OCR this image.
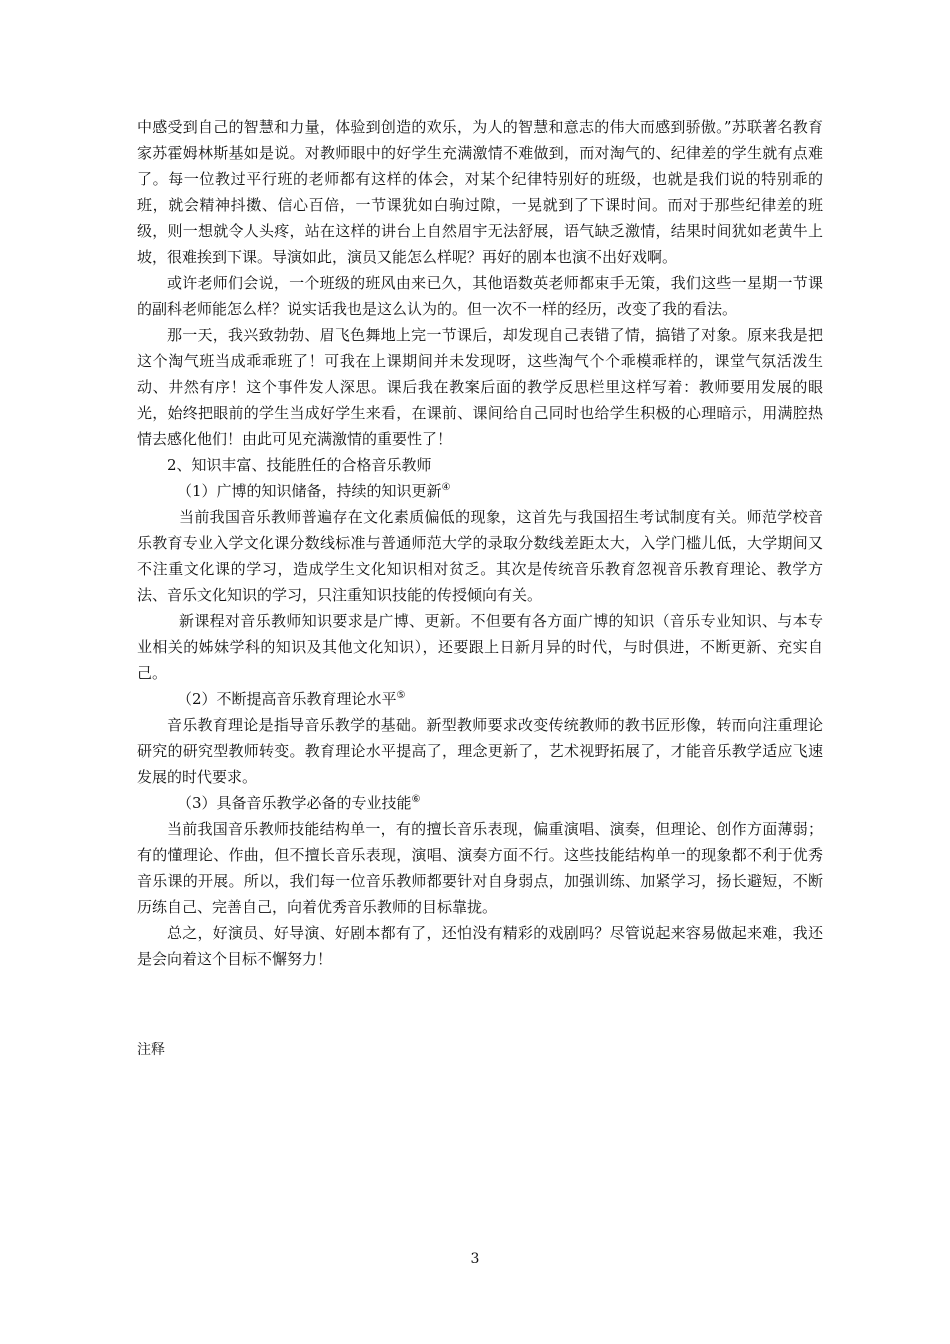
中感受到自己的智慧和力量，体验到创造的欢乐，为人的智慧和意志的伟大而感到骄傲。”苏联著名教育家苏霍姆林斯基如是说。对教师眼中的好学生充满激情不难做到，而对淘气的、纪律差的学生就有点难了。每一位教过平行班的老师都有这样的体会，对某个纪律特别好的班级，也就是我们说的特别乖的班，就会精神抖擞、信心百倍，一节课犹如白驹过隙，一晃就到了下课时间。而对于那些纪律差的班级，则一想就令人头疼，站在这样的讲台上自然眉宇无法舒展，语气缺乏激情，结果时间犹如老黄牛上坡，很难挨到下课。导演如此，演员又能怎么样呢？再好的剧本也演不出好戏啊。

或许老师们会说，一个班级的班风由来已久，其他语数英老师都束手无策，我们这些一星期一节课的副科老师能怎么样？说实话我也是这么认为的。但一次不一样的经历，改变了我的看法。

那一天，我兴致勃勃、眉飞色舞地上完一节课后，却发现自己表错了情，搞错了对象。原来我是把这个淘气班当成乖乖班了！可我在上课期间并未发现呀，这些淘气个个乖模乖样的，课堂气氛活泼生动、井然有序！这个事件发人深思。课后我在教案后面的教学反思栏里这样写着：教师要用发展的眼光，始终把眼前的学生当成好学生来看，在课前、课间给自己同时也给学生积极的心理暗示，用满腔热情去感化他们！由此可见充满激情的重要性了！

2、知识丰富、技能胜任的合格音乐教师

（1）广博的知识储备，持续的知识更新④

当前我国音乐教师普遍存在文化素质偏低的现象，这首先与我国招生考试制度有关。师范学校音乐教育专业入学文化课分数线标准与普通师范大学的录取分数线差距太大，入学门槛儿低，大学期间又不注重文化课的学习，造成学生文化知识相对贫乏。其次是传统音乐教育忽视音乐教育理论、教学方法、音乐文化知识的学习，只注重知识技能的传授倾向有关。

新课程对音乐教师知识要求是广博、更新。不但要有各方面广博的知识（音乐专业知识、与本专业相关的姊妹学科的知识及其他文化知识），还要跟上日新月异的时代，与时俱进，不断更新、充实自己。

（2）不断提高音乐教育理论水平⑤

音乐教育理论是指导音乐教学的基础。新型教师要求改变传统教师的教书匠形像，转而向注重理论研究的研究型教师转变。教育理论水平提高了，理念更新了，艺术视野拓展了，才能音乐教学适应飞速发展的时代要求。

（3）具备音乐教学必备的专业技能⑥

当前我国音乐教师技能结构单一，有的擅长音乐表现，偏重演唱、演奏，但理论、创作方面薄弱；有的懂理论、作曲，但不擅长音乐表现，演唱、演奏方面不行。这些技能结构单一的现象都不利于优秀音乐课的开展。所以，我们每一位音乐教师都要针对自身弱点，加强训练、加紧学习，扬长避短，不断历练自己、完善自己，向着优秀音乐教师的目标靠拢。

总之，好演员、好导演、好剧本都有了，还怕没有精彩的戏剧吗？尽管说起来容易做起来难，我还是会向着这个目标不懈努力！

注释
3
